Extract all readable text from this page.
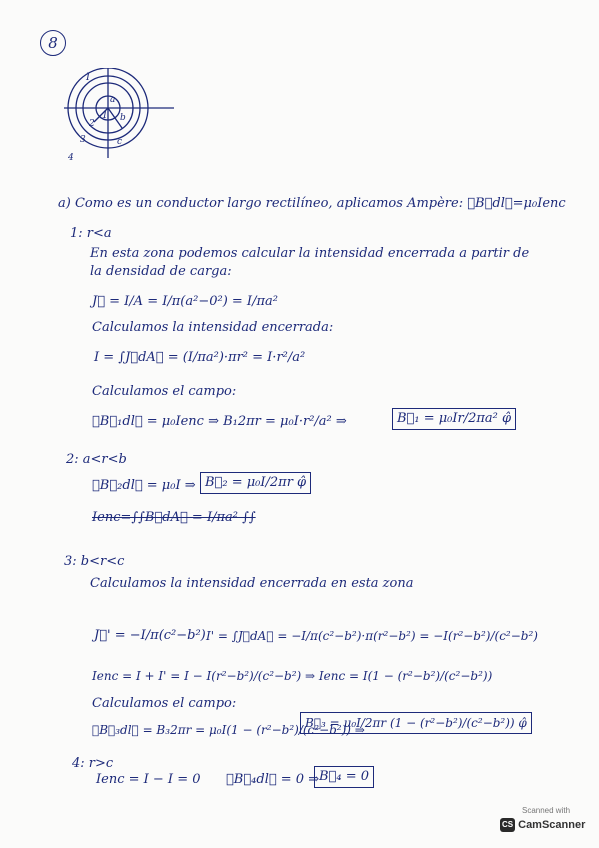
8
I
a
b
c
1
2
3
4
a) Como es un conductor largo rectilíneo, aplicamos Ampère: ∮B⃗dl⃗=μ₀Ienc
1: r<a
En esta zona podemos calcular la intensidad encerrada a partir de
la densidad de carga:
J⃗ = I/A = I/π(a²−0²) = I/πa²
Calculamos la intensidad encerrada:
I = ∫J⃗dA⃗ = (I/πa²)·πr² = I·r²/a²
Calculamos el campo:
∮B⃗₁dl⃗ = μ₀Ienc ⇒ B₁2πr = μ₀I·r²/a² ⇒	B⃗₁ = μ₀Ir/2πa² φ̂
2: a<r<b
∮B⃗₂dl⃗ = μ₀I ⇒ B⃗₂ = μ₀I/2πr φ̂
Ienc=∫∫B⃗dA⃗ = I/πa² ∫∫
3: b<r<c
Calculamos la intensidad encerrada en esta zona
J⃗' = −I/π(c²−b²) I' = ∫J⃗dA⃗ = −I/π(c²−b²)·π(r²−b²) = −I(r²−b²)/(c²−b²)
Ienc = I + I' = I − I(r²−b²)/(c²−b²) ⇒ Ienc = I(1 − (r²−b²)/(c²−b²))
Calculamos el campo:
∮B⃗₃dl⃗ = B₃2πr = μ₀I(1 − (r²−b²)/(c²−b²)) ⇒
B⃗₃ = μ₀I/2πr (1 − (r²−b²)/(c²−b²)) φ̂
4: r>c
Ienc = I − I = 0 ∮B⃗₄dl⃗ = 0 ⇒ B⃗₄ = 0
Scanned with
CS CamScanner
